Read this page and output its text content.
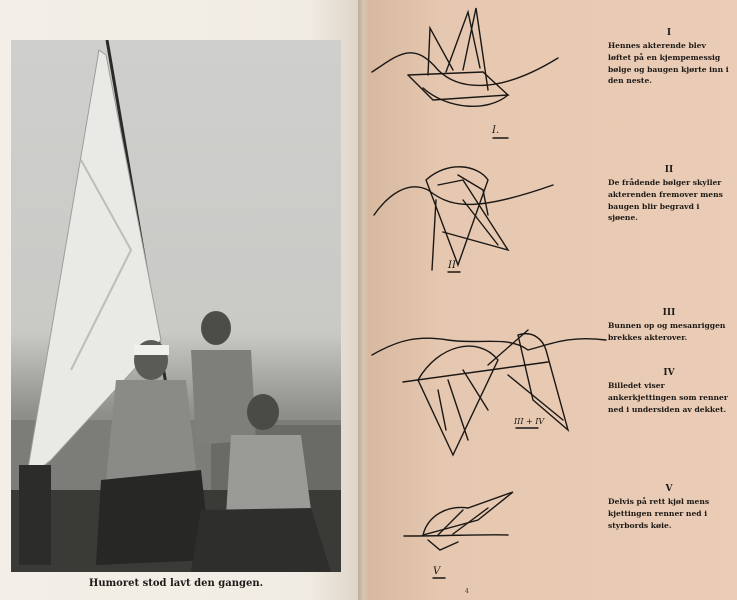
Humoret stod lavt den gangen.
I.
II
III + IV
V
I
Hennes akterende blev løftet på en kjempemessig bølge og baugen kjørte inn i den neste.
II
De frådende bølger skyller akterenden fremover mens baugen blir begravd i sjøene.
III
Bunnen op og mesanriggen brekkes akterover.
IV
Billedet viser ankerkjettingen som renner ned i undersiden av dekket.
V
Delvis på rett kjøl mens kjettingen renner ned i styrbords køie.
4
